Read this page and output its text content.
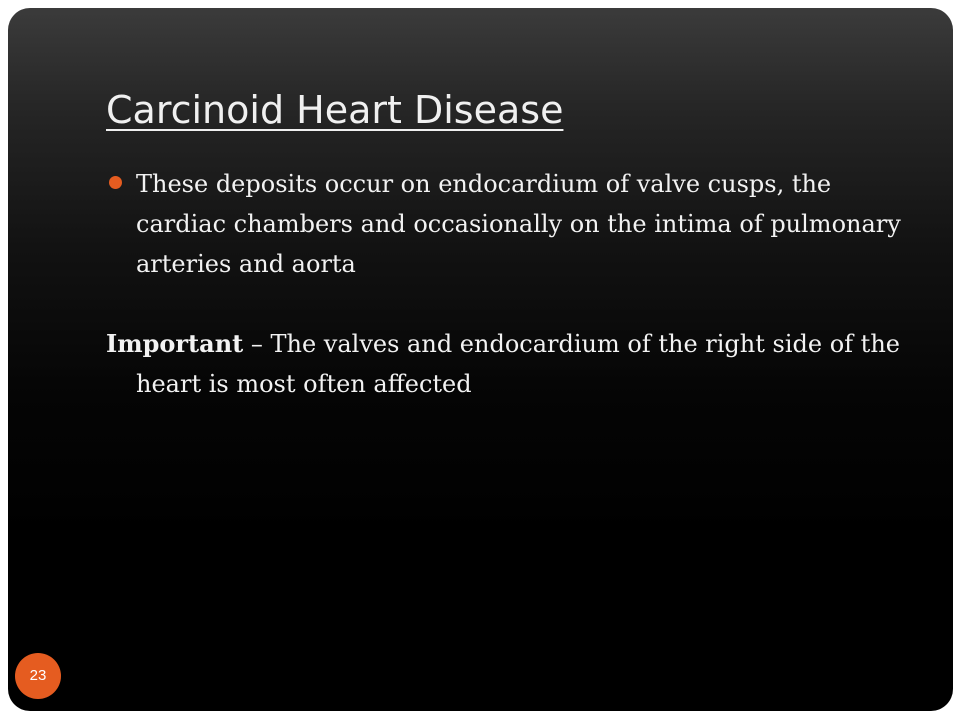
Carcinoid Heart Disease
These deposits occur on endocardium of valve cusps, the cardiac chambers and occasionally on the intima of pulmonary arteries and aorta
Important – The valves and endocardium of the right side of the heart is most often affected
23
